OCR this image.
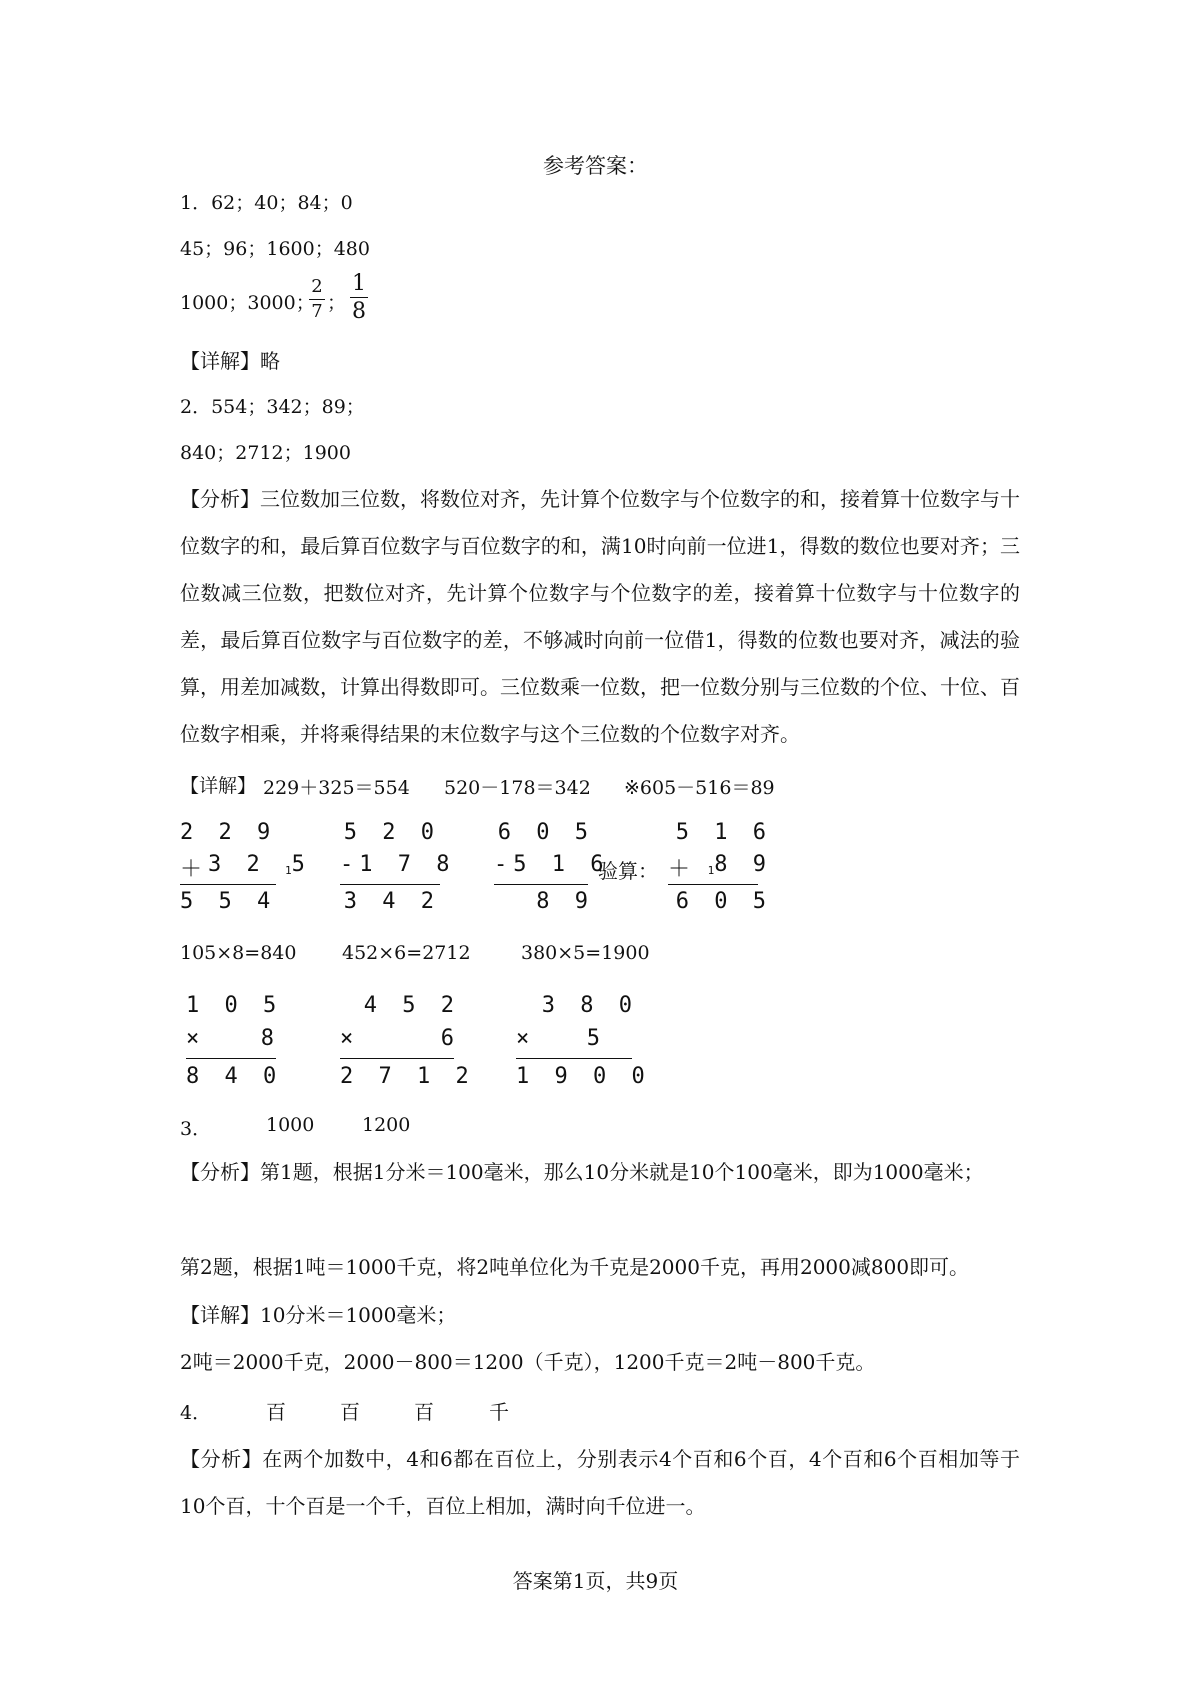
参考答案：
1．62；40；84；0
45；96；1600；480
1000；3000；
2
7 ；
1
8
【详解】略
2．554；342；89；
840；2712；1900
【分析】三位数加三位数，将数位对齐，先计算个位数字与个位数字的和，接着算十位数字与十位数字的和，最后算百位数字与百位数字的和，满10时向前一位进1，得数的数位也要对齐；三位数减三位数，把数位对齐，先计算个位数字与个位数字的差，接着算十位数字与十位数字的差，最后算百位数字与百位数字的差，不够减时向前一位借1，得数的位数也要对齐，减法的验算，用差加减数，计算出得数即可。三位数乘一位数，把一位数分别与三位数的个位、十位、百位数字相乘，并将乘得结果的末位数字与这个三位数的个位数字对齐。
【详解】 229＋325＝554 520－178＝342 ※605－516＝89
2 2 9
＋ 3 2 15
5 5 4
5 2 0
- 1 7 8
3 4 2
6 0 5
- 5 1 6
8 9
验算：
5 1 6
＋ 18 9
6 0 5
105×8=840 452×6=2712	380×5=1900
1 0 5
×	8
8 4 0
4 5 2
×	6
2 7 1 2
3 8 0
× 5
1 9 0 0
3．	1000	1200
【分析】第1题，根据1分米＝100毫米，那么10分米就是10个100毫米，即为1000毫米；
第2题，根据1吨＝1000千克，将2吨单位化为千克是2000千克，再用2000减800即可。
【详解】10分米＝1000毫米；
2吨＝2000千克，2000－800＝1200（千克），1200千克＝2吨－800千克。
4．	百	百	百	千
【分析】在两个加数中，4和6都在百位上，分别表示4个百和6个百，4个百和6个百相加等于10个百，十个百是一个千，百位上相加，满时向千位进一。
答案第1页，共9页
